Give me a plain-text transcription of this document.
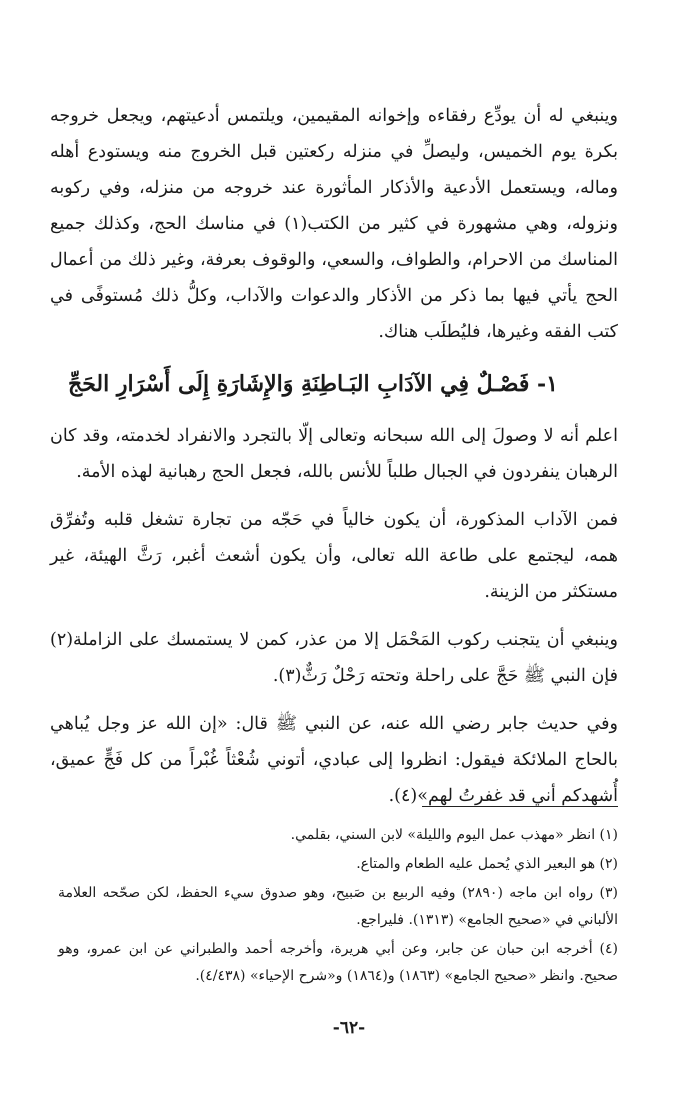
وينبغي له أن يودِّع رفقاءه وإخوانه المقيمين، ويلتمس أدعيتهم، ويجعل خروجه بكرة يوم الخميس، وليصلِّ في منزله ركعتين قبل الخروج منه ويستودع أهله وماله، ويستعمل الأدعية والأذكار المأثورة عند خروجه من منزله، وفي ركوبه ونزوله، وهي مشهورة في كثير من الكتب(١) في مناسك الحج، وكذلك جميع المناسك من الاحرام، والطواف، والسعي، والوقوف بعرفة، وغير ذلك من أعمال الحج يأتي فيها بما ذكر من الأذكار والدعوات والآداب، وكلُّ ذلك مُستوفًى في كتب الفقه وغيرها، فليُطلَب هناك.

١- فَصْـلٌ فِي الآدَابِ البَـاطِنَةِ وَالإِشَارَةِ إِلَى أَسْرَارِ الحَجِّ

اعلم أنه لا وصولَ إلى الله سبحانه وتعالى إلّا بالتجرد والانفراد لخدمته، وقد كان الرهبان ينفردون في الجبال طلباً للأنس بالله، فجعل الحج رهبانية لهذه الأمة.

فمن الآداب المذكورة، أن يكون خالياً في حَجّه من تجارة تشغل قلبه وتُفرِّق همه، ليجتمع على طاعة الله تعالى، وأن يكون أشعث أغبر، رَثَّ الهيئة، غير مستكثر من الزينة.

وينبغي أن يتجنب ركوب المَحْمَل إلا من عذر، كمن لا يستمسك على الزاملة(٢) فإن النبي ﷺ حَجَّ على راحلة وتحته رَحْلٌ رَثٌّ(٣).

وفي حديث جابر رضي الله عنه، عن النبي ﷺ قال: «إن الله عز وجل يُباهي بالحاج الملائكة فيقول: انظروا إلى عبادي، أتوني شُعْثاً غُبْراً من كل فَجٍّ عميق، أُشهدكم أني قد غفرتُ لهم»(٤).

(١) انظر «مهذب عمل اليوم والليلة» لابن السني، بقلمي.

(٢) هو البعير الذي يُحمل عليه الطعام والمتاع.

(٣) رواه ابن ماجه (٢٨٩٠) وفيه الربيع بن صَبيح، وهو صدوق سيء الحفظ، لكن صحّحه العلامة الألباني في «صحيح الجامع» (١٣١٣). فليراجع.

(٤) أخرجه ابن حبان عن جابر، وعن أبي هريرة، وأخرجه أحمد والطبراني عن ابن عمرو، وهو صحيح. وانظر «صحيح الجامع» (١٨٦٣) و(١٨٦٤) و«شرح الإحياء» (٤/٤٣٨).

-٦٢-
